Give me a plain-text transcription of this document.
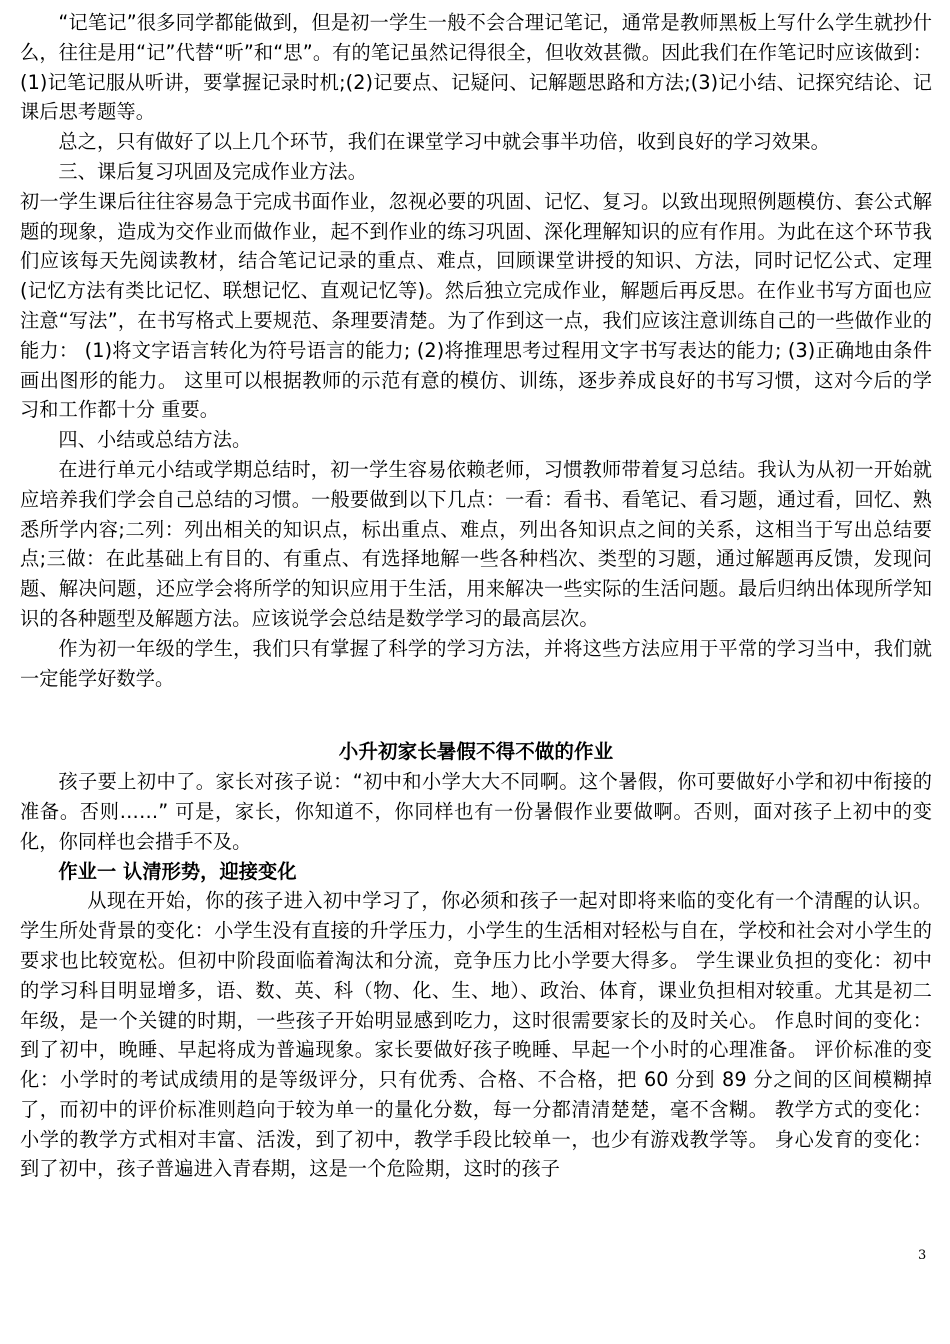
“记笔记”很多同学都能做到，但是初一学生一般不会合理记笔记，通常是教师黑板上写什么学生就抄什么，往往是用“记”代替“听”和“思”。有的笔记虽然记得很全，但收效甚微。因此我们在作笔记时应该做到：(1)记笔记服从听讲，要掌握记录时机;(2)记要点、记疑问、记解题思路和方法;(3)记小结、记探究结论、记课后思考题等。

总之，只有做好了以上几个环节，我们在课堂学习中就会事半功倍，收到良好的学习效果。

三、课后复习巩固及完成作业方法。

初一学生课后往往容易急于完成书面作业，忽视必要的巩固、记忆、复习。以致出现照例题模仿、套公式解题的现象，造成为交作业而做作业，起不到作业的练习巩固、深化理解知识的应有作用。为此在这个环节我们应该每天先阅读教材，结合笔记记录的重点、难点，回顾课堂讲授的知识、方法，同时记忆公式、定理(记忆方法有类比记忆、联想记忆、直观记忆等)。然后独立完成作业，解题后再反思。在作业书写方面也应注意“写法”，在书写格式上要规范、条理要清楚。为了作到这一点，我们应该注意训练自己的一些做作业的能力： (1)将文字语言转化为符号语言的能力; (2)将推理思考过程用文字书写表达的能力; (3)正确地由条件画出图形的能力。 这里可以根据教师的示范有意的模仿、训练，逐步养成良好的书写习惯，这对今后的学习和工作都十分 重要。

四、小结或总结方法。

在进行单元小结或学期总结时，初一学生容易依赖老师，习惯教师带着复习总结。我认为从初一开始就应培养我们学会自己总结的习惯。一般要做到以下几点：一看：看书、看笔记、看习题，通过看，回忆、熟悉所学内容;二列：列出相关的知识点，标出重点、难点，列出各知识点之间的关系，这相当于写出总结要点;三做：在此基础上有目的、有重点、有选择地解一些各种档次、类型的习题，通过解题再反馈，发现问题、解决问题，还应学会将所学的知识应用于生活，用来解决一些实际的生活问题。最后归纳出体现所学知识的各种题型及解题方法。应该说学会总结是数学学习的最高层次。

作为初一年级的学生，我们只有掌握了科学的学习方法，并将这些方法应用于平常的学习当中，我们就一定能学好数学。

小升初家长暑假不得不做的作业

孩子要上初中了。家长对孩子说：“初中和小学大大不同啊。这个暑假，你可要做好小学和初中衔接的准备。否则……” 可是，家长，你知道不，你同样也有一份暑假作业要做啊。否则，面对孩子上初中的变化，你同样也会措手不及。

作业一 认清形势，迎接变化

从现在开始，你的孩子进入初中学习了，你必须和孩子一起对即将来临的变化有一个清醒的认识。 学生所处背景的变化：小学生没有直接的升学压力，小学生的生活相对轻松与自在，学校和社会对小学生的要求也比较宽松。但初中阶段面临着淘汰和分流，竞争压力比小学要大得多。 学生课业负担的变化：初中的学习科目明显增多，语、数、英、科（物、化、生、地）、政治、体育，课业负担相对较重。尤其是初二年级，是一个关键的时期，一些孩子开始明显感到吃力，这时很需要家长的及时关心。 作息时间的变化：到了初中，晚睡、早起将成为普遍现象。家长要做好孩子晚睡、早起一个小时的心理准备。 评价标准的变化：小学时的考试成绩用的是等级评分，只有优秀、合格、不合格，把 60 分到 89 分之间的区间模糊掉了，而初中的评价标准则趋向于较为单一的量化分数，每一分都清清楚楚，毫不含糊。 教学方式的变化：小学的教学方式相对丰富、活泼，到了初中，教学手段比较单一，也少有游戏教学等。 身心发育的变化：到了初中，孩子普遍进入青春期，这是一个危险期，这时的孩子

3
